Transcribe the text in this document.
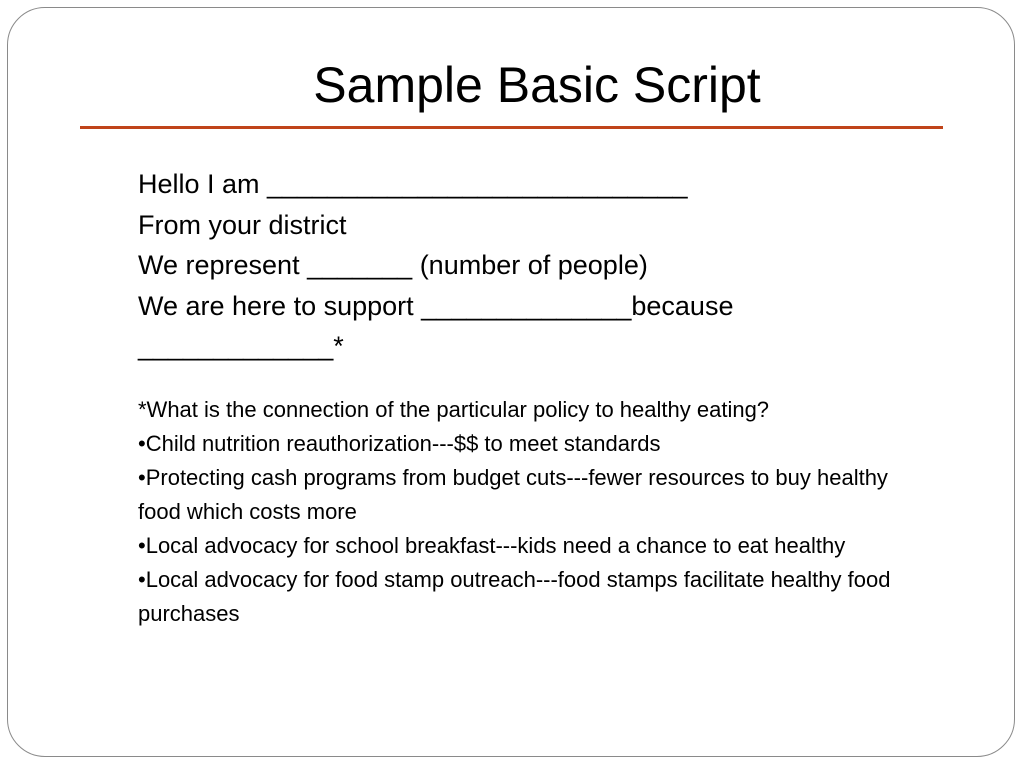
Sample Basic Script
Hello I am ____________________________
From your district
We represent _______ (number of people)
We are here to support ______________because
_____________*
*What is the connection of the particular policy to healthy eating?
•Child nutrition reauthorization---$$ to meet standards
•Protecting cash programs from budget cuts---fewer resources to buy healthy food which costs more
•Local advocacy for school breakfast---kids need a chance to eat healthy
•Local advocacy for food stamp outreach---food stamps facilitate healthy food purchases
